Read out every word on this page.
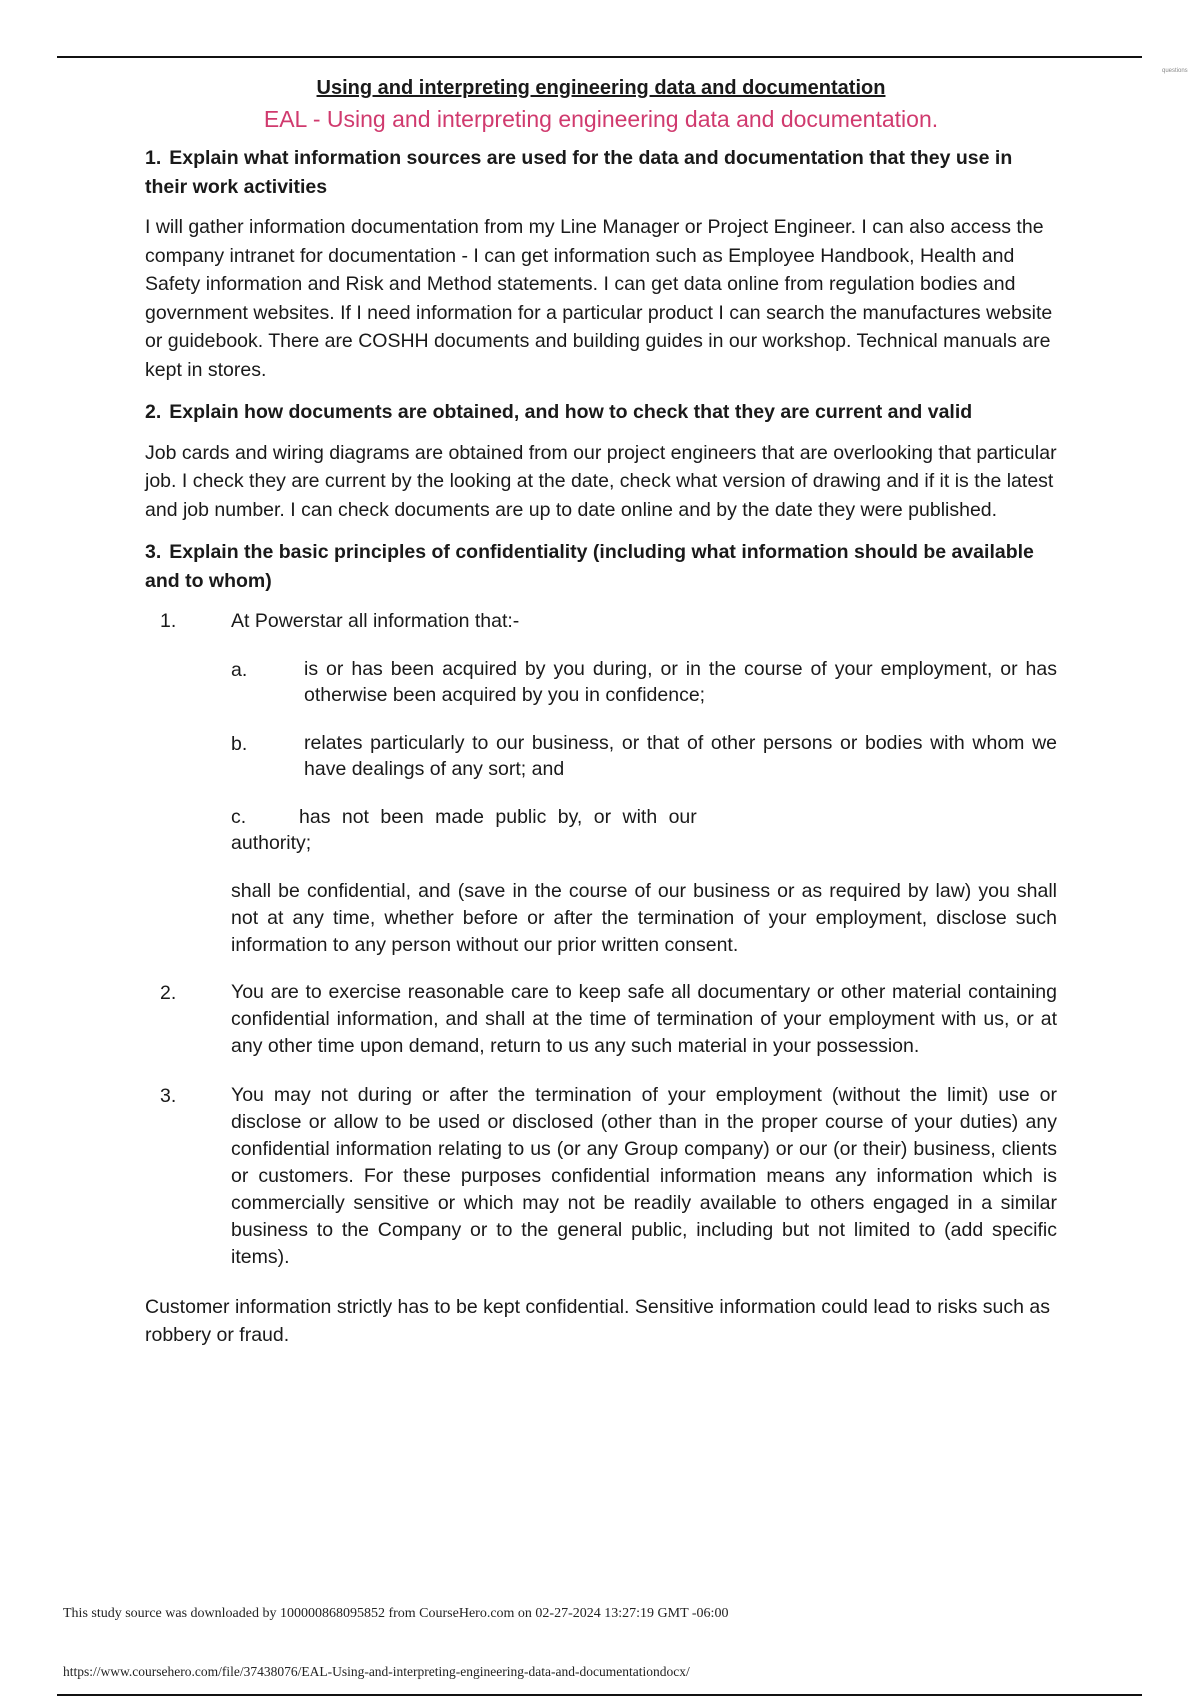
questions
Using and interpreting engineering data and documentation
EAL - Using and interpreting engineering data and documentation.

1. Explain what information sources are used for the data and documentation that they use in their work activities

I will gather information documentation from my Line Manager or Project Engineer. I can also access the company intranet for documentation - I can get information such as Employee Handbook, Health and Safety information and Risk and Method statements. I can get data online from regulation bodies and government websites. If I need information for a particular product I can search the manufactures website or guidebook. There are COSHH documents and building guides in our workshop. Technical manuals are kept in stores.

2. Explain how documents are obtained, and how to check that they are current and valid

Job cards and wiring diagrams are obtained from our project engineers that are overlooking that particular job. I check they are current by the looking at the date, check what version of drawing and if it is the latest and job number. I can check documents are up to date online and by the date they were published.

3. Explain the basic principles of confidentiality (including what information should be available and to whom)

1.	At Powerstar all information that:-
a.	is or has been acquired by you during, or in the course of your employment, or has otherwise been acquired by you in confidence;
b.	relates particularly to our business, or that of other persons or bodies with whom we have dealings of any sort; and
c.	has not been made public by, or with our
authority;
shall be confidential, and (save in the course of our business or as required by law) you shall not at any time, whether before or after the termination of your employment, disclose such information to any person without our prior written consent.
2.	You are to exercise reasonable care to keep safe all documentary or other material containing confidential information, and shall at the time of termination of your employment with us, or at any other time upon demand, return to us any such material in your possession.
3.	You may not during or after the termination of your employment (without the limit) use or disclose or allow to be used or disclosed (other than in the proper course of your duties) any confidential information relating to us (or any Group company) or our (or their) business, clients or customers. For these purposes confidential information means any information which is commercially sensitive or which may not be readily available to others engaged in a similar business to the Company or to the general public, including but not limited to (add specific items).

Customer information strictly has to be kept confidential. Sensitive information could lead to risks such as robbery or fraud.

This study source was downloaded by 100000868095852 from CourseHero.com on 02-27-2024 13:27:19 GMT -06:00
https://www.coursehero.com/file/37438076/EAL-Using-and-interpreting-engineering-data-and-documentationdocx/
